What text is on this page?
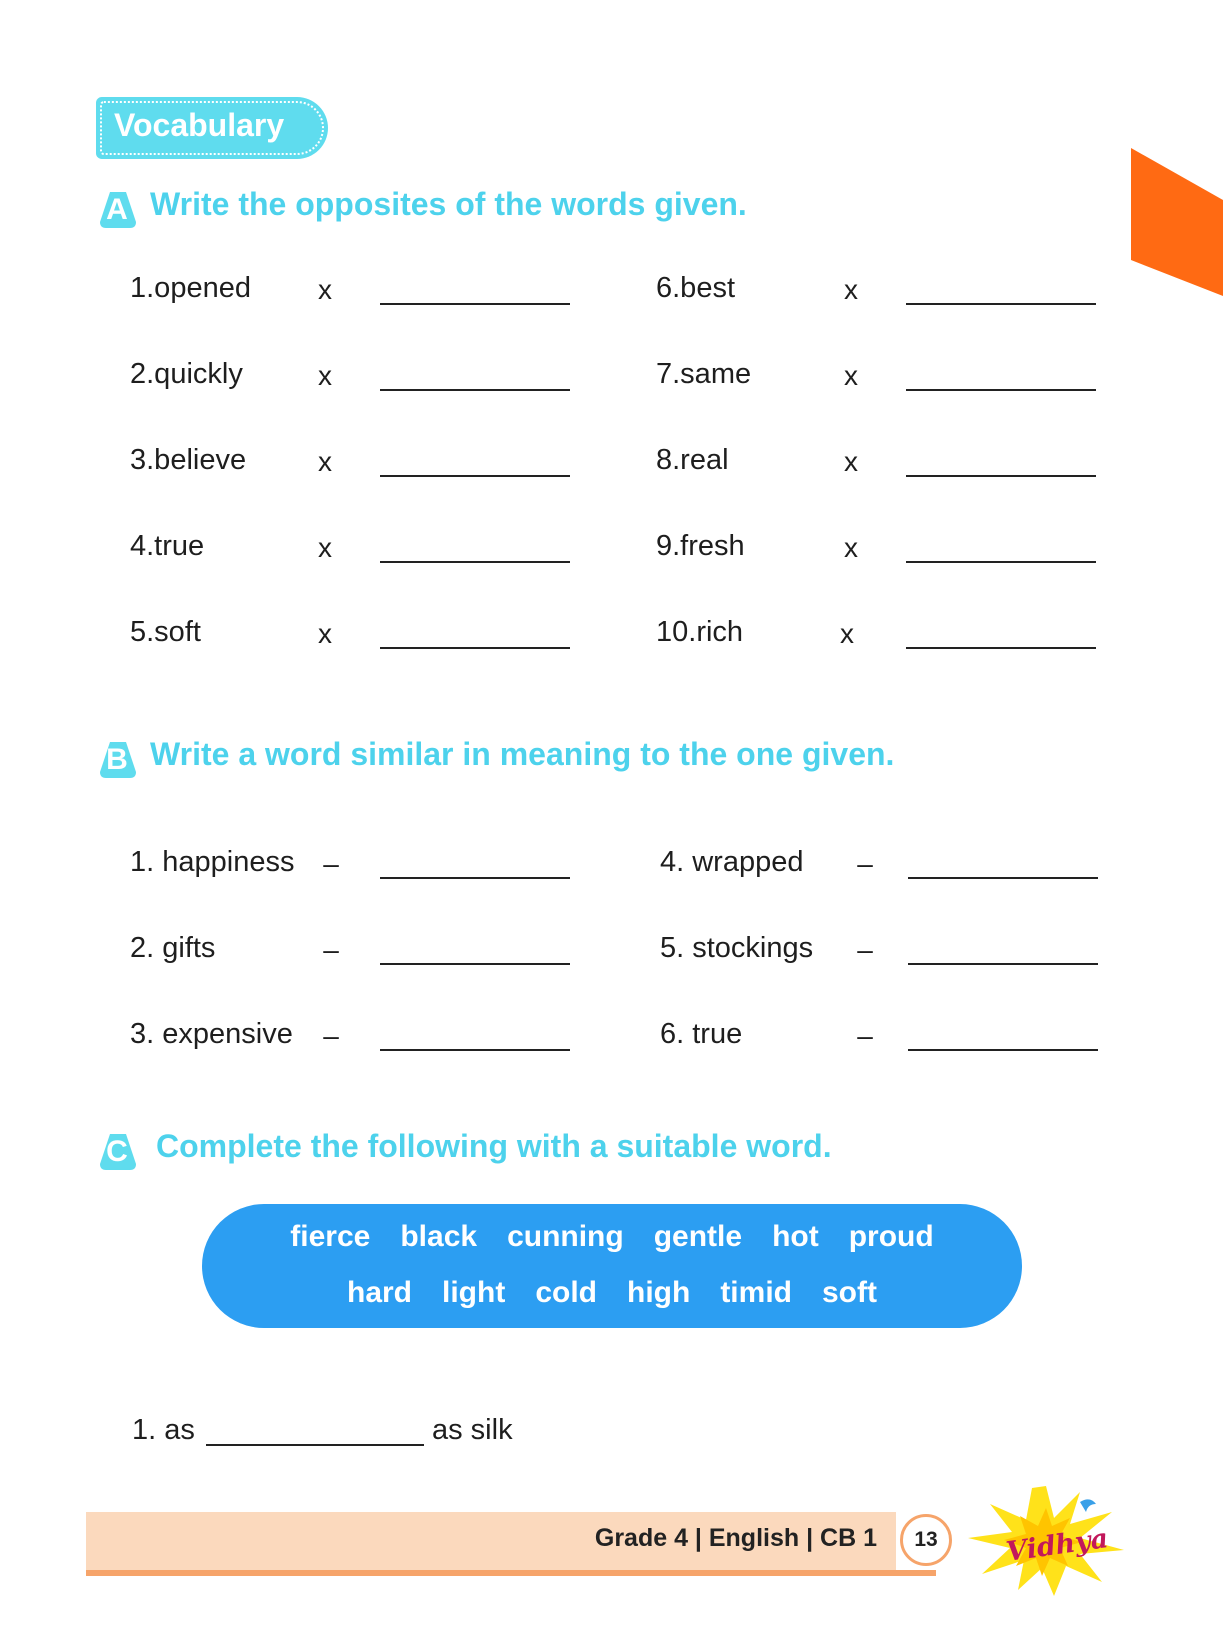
Vocabulary
A Write the opposites of the words given.
1.opened x	6.best	x
2.quickly	x	7.same	x
3.believe	x	8.real	x
4.true	x	9.fresh	x
5.soft	x	10.rich	x
B Write a word similar in meaning to the one given.
1. happiness –	4. wrapped –
2. gifts	–	5. stockings –
3. expensive –	6. true	–
C Complete the following with a suitable word.
fierce black cunning gentle hot proud
hard light cold high timid soft
1. as	as silk
Grade 4 | English | CB 1	13	Vidhya
